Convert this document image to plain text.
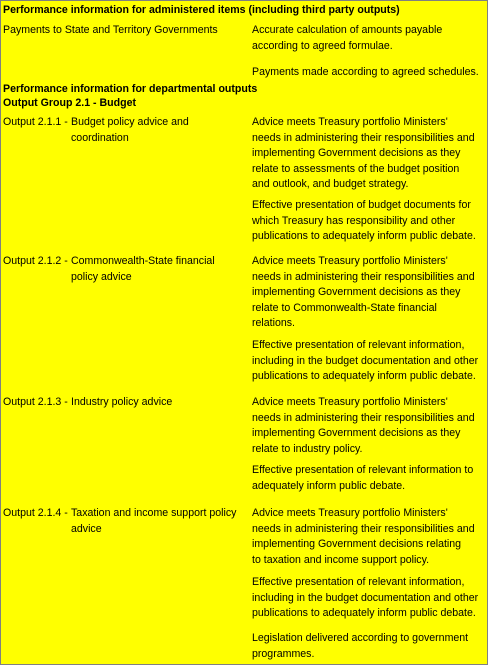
Performance information for administered items (including third party outputs)
Payments to State and Territory Governments	Accurate calculation of amounts payable
according to agreed formulae.
Payments made according to agreed schedules.
Performance information for departmental outputs
Output Group 2.1 - Budget
Output 2.1.1 - Budget policy advice and
coordination
Advice meets Treasury portfolio Ministers'
needs in administering their responsibilities and
implementing Government decisions as they
relate to assessments of the budget position
and outlook, and budget strategy.
Effective presentation of budget documents for
which Treasury has responsibility and other
publications to adequately inform public debate.
Output 2.1.2 - Commonwealth-State financial
policy advice
Advice meets Treasury portfolio Ministers'
needs in administering their responsibilities and
implementing Government decisions as they
relate to Commonwealth-State financial
relations.
Effective presentation of relevant information,
including in the budget documentation and other
publications to adequately inform public debate.
Output 2.1.3 - Industry policy advice	Advice meets Treasury portfolio Ministers'
needs in administering their responsibilities and
implementing Government decisions as they
relate to industry policy.
Effective presentation of relevant information to
adequately inform public debate.
Output 2.1.4 - Taxation and income support policy
advice
Advice meets Treasury portfolio Ministers'
needs in administering their responsibilities and
implementing Government decisions relating
to taxation and income support policy.
Effective presentation of relevant information,
including in the budget documentation and other
publications to adequately inform public debate.
Legislation delivered according to government
programmes.
